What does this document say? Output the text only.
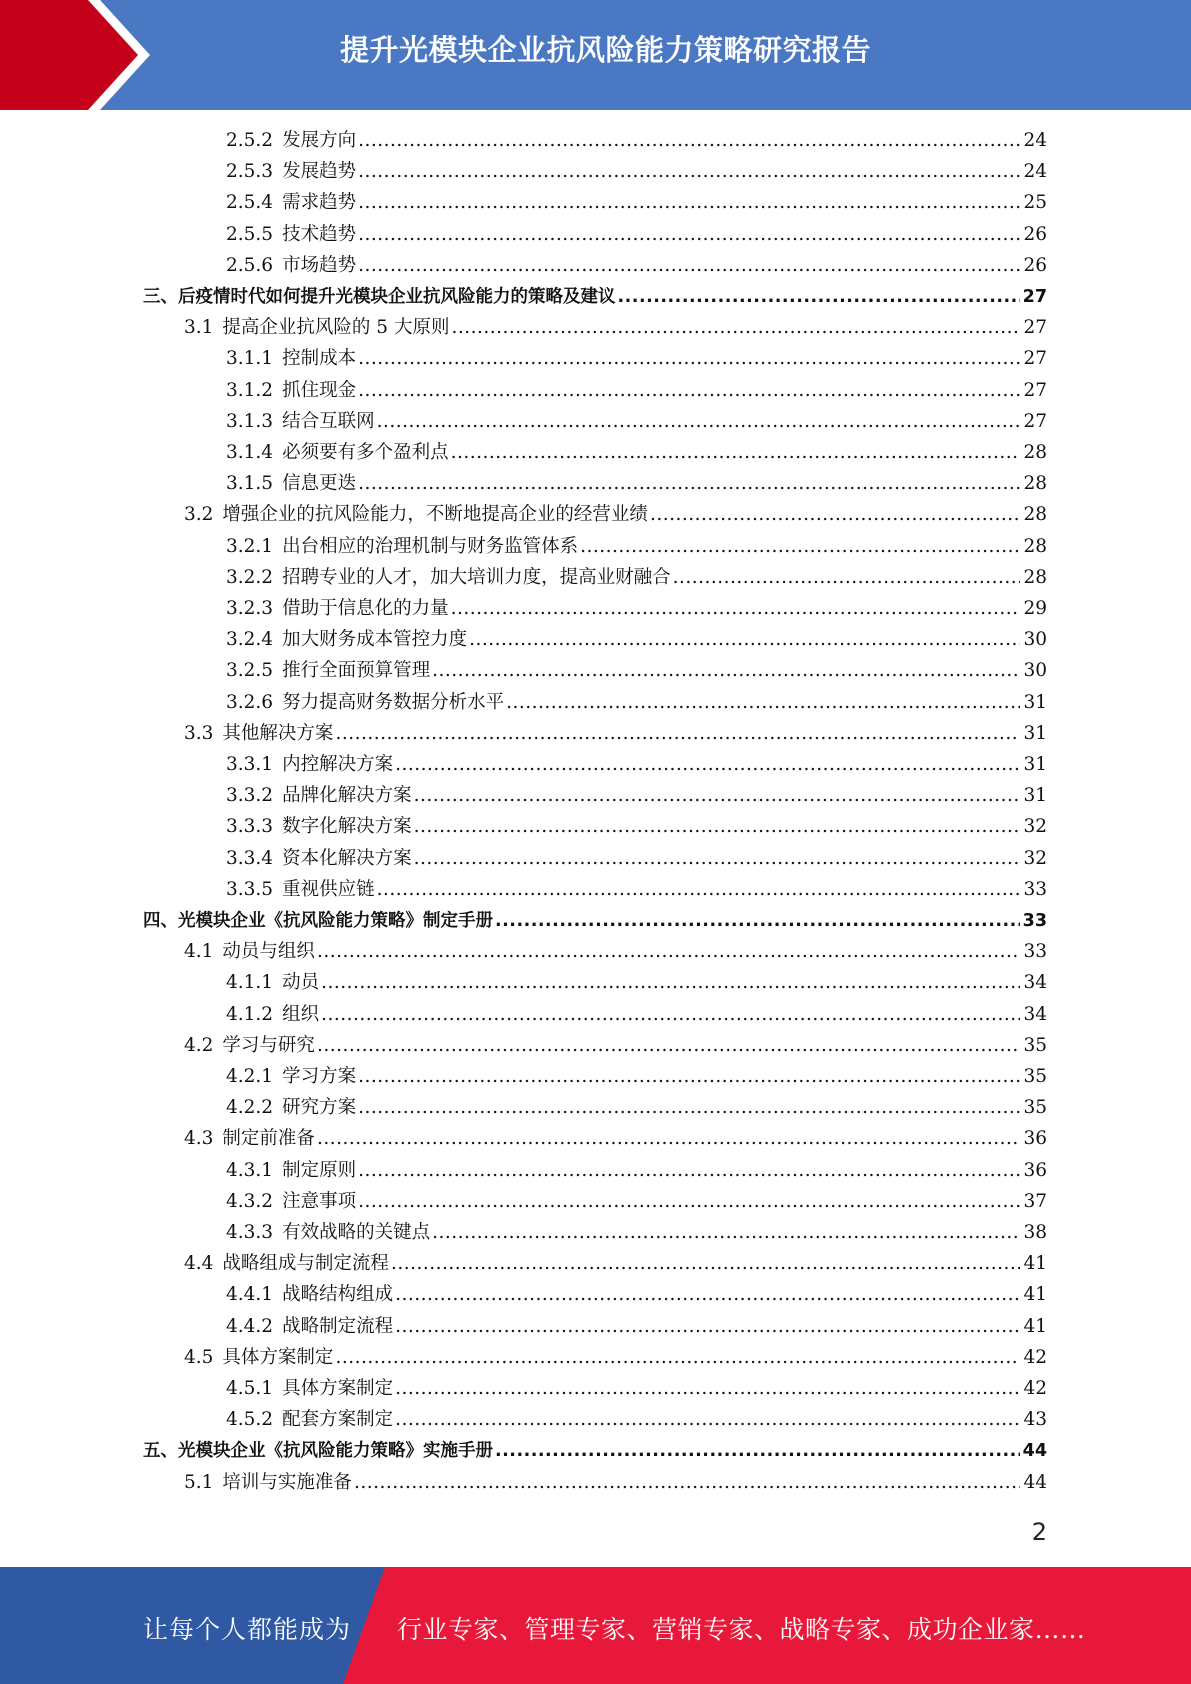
提升光模块企业抗风险能力策略研究报告
2.5.2 发展方向 .....	24
2.5.3 发展趋势 .....	24
2.5.4 需求趋势 .....	25
2.5.5 技术趋势 .....	26
2.5.6 市场趋势 .....	26
三、后疫情时代如何提升光模块企业抗风险能力的策略及建议 .....	27
3.1 提高企业抗风险的 5 大原则 .....	27
3.1.1 控制成本 .....	27
3.1.2 抓住现金 .....	27
3.1.3 结合互联网 .....	27
3.1.4 必须要有多个盈利点 .....	28
3.1.5 信息更迭 .....	28
3.2 增强企业的抗风险能力，不断地提高企业的经营业绩 .....	28
3.2.1 出台相应的治理机制与财务监管体系 .....	28
3.2.2 招聘专业的人才，加大培训力度，提高业财融合 .....	28
3.2.3 借助于信息化的力量 .....	29
3.2.4 加大财务成本管控力度 .....	30
3.2.5 推行全面预算管理 .....	30
3.2.6 努力提高财务数据分析水平 .....	31
3.3 其他解决方案 .....	31
3.3.1 内控解决方案 .....	31
3.3.2 品牌化解决方案 .....	31
3.3.3 数字化解决方案 .....	32
3.3.4 资本化解决方案 .....	32
3.3.5 重视供应链 .....	33
四、光模块企业《抗风险能力策略》制定手册 .....	33
4.1 动员与组织 .....	33
4.1.1 动员 .....	34
4.1.2 组织 .....	34
4.2 学习与研究 .....	35
4.2.1 学习方案 .....	35
4.2.2 研究方案 .....	35
4.3 制定前准备 .....	36
4.3.1 制定原则 .....	36
4.3.2 注意事项 .....	37
4.3.3 有效战略的关键点 .....	38
4.4 战略组成与制定流程 .....	41
4.4.1 战略结构组成 .....	41
4.4.2 战略制定流程 .....	41
4.5 具体方案制定 .....	42
4.5.1 具体方案制定 .....	42
4.5.2 配套方案制定 .....	43
五、光模块企业《抗风险能力策略》实施手册 .....	44
5.1 培训与实施准备 .....	44
2
让每个人都能成为 行业专家、管理专家、营销专家、战略专家、成功企业家……
